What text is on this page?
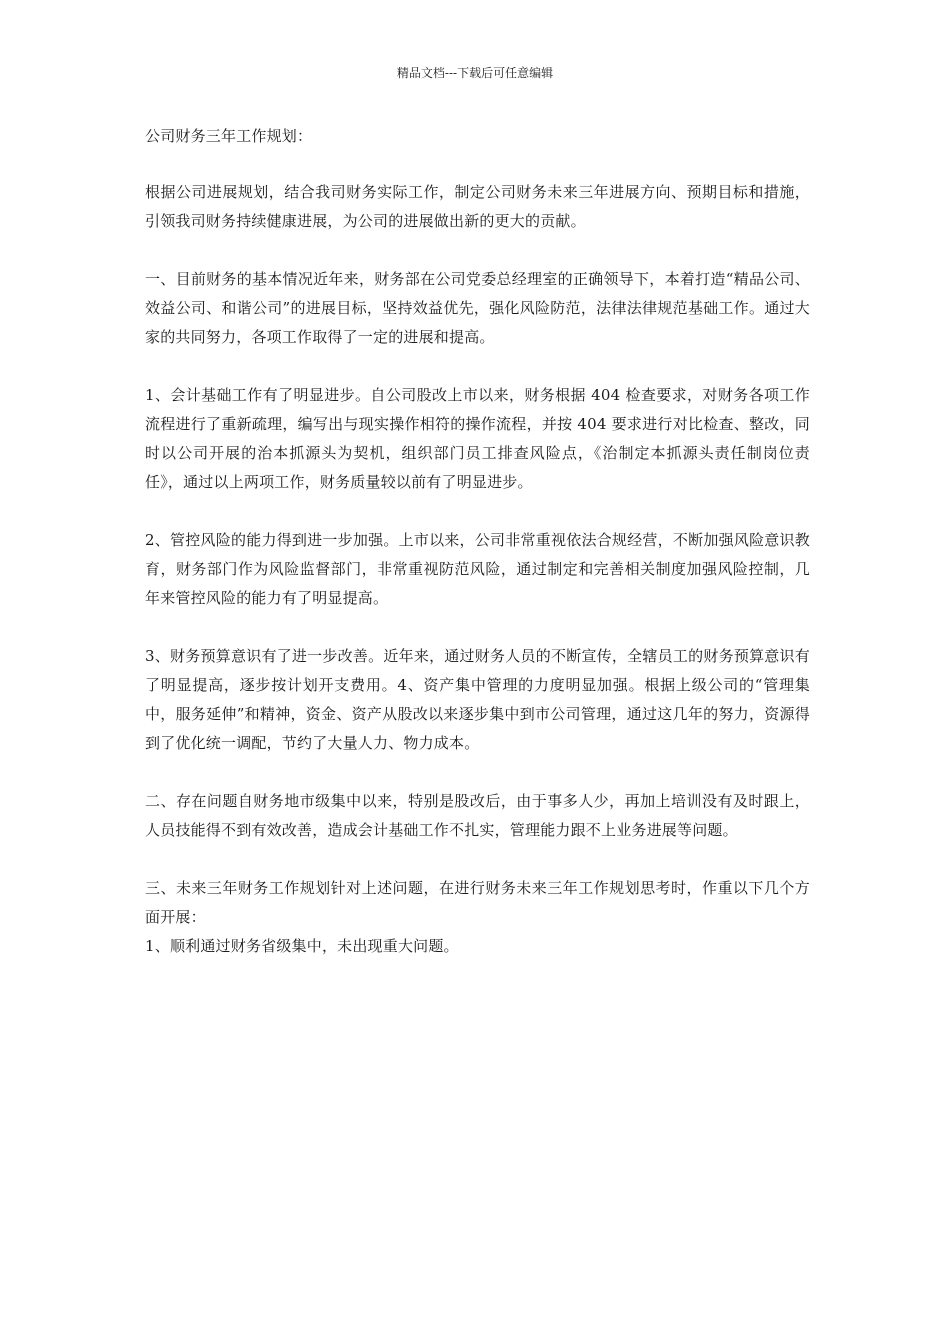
精品文档---下载后可任意编辑

公司财务三年工作规划：

根据公司进展规划，结合我司财务实际工作，制定公司财务未来三年进展方向、预期目标和措施，引领我司财务持续健康进展，为公司的进展做出新的更大的贡献。

一、目前财务的基本情况近年来，财务部在公司党委总经理室的正确领导下，本着打造“精品公司、效益公司、和谐公司”的进展目标，坚持效益优先，强化风险防范，法律法律规范基础工作。通过大家的共同努力，各项工作取得了一定的进展和提高。

1、会计基础工作有了明显进步。自公司股改上市以来，财务根据 404 检查要求，对财务各项工作流程进行了重新疏理，编写出与现实操作相符的操作流程，并按 404 要求进行对比检查、整改，同时以公司开展的治本抓源头为契机，组织部门员工排查风险点，《治制定本抓源头责任制岗位责任》，通过以上两项工作，财务质量较以前有了明显进步。

2、管控风险的能力得到进一步加强。上市以来，公司非常重视依法合规经营，不断加强风险意识教育，财务部门作为风险监督部门，非常重视防范风险，通过制定和完善相关制度加强风险控制，几年来管控风险的能力有了明显提高。

3、财务预算意识有了进一步改善。近年来，通过财务人员的不断宣传，全辖员工的财务预算意识有了明显提高，逐步按计划开支费用。4、资产集中管理的力度明显加强。根据上级公司的“管理集中，服务延伸”和精神，资金、资产从股改以来逐步集中到市公司管理，通过这几年的努力，资源得到了优化统一调配，节约了大量人力、物力成本。

二、存在问题自财务地市级集中以来，特别是股改后，由于事多人少，再加上培训没有及时跟上，人员技能得不到有效改善，造成会计基础工作不扎实，管理能力跟不上业务进展等问题。

三、未来三年财务工作规划针对上述问题，在进行财务未来三年工作规划思考时，作重以下几个方面开展：

1、顺利通过财务省级集中，未出现重大问题。
